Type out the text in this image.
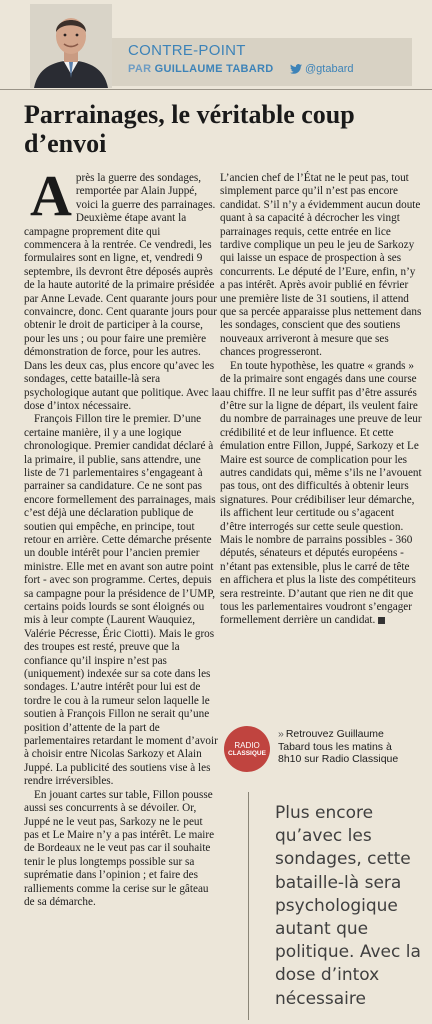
CONTRE-POINT
PAR GUILLAUME TABARD	@gtabard
Parrainages, le véritable coup d’envoi

Après la guerre des sondages, remportée par Alain Juppé, voici la guerre des parrainages. Deuxième étape avant la campagne proprement dite qui commencera à la rentrée. Ce vendredi, les formulaires sont en ligne, et, vendredi 9 septembre, ils devront être déposés auprès de la haute autorité de la primaire présidée par Anne Levade. Cent quarante jours pour convaincre, donc. Cent quarante jours pour obtenir le droit de participer à la course, pour les uns ; ou pour faire une première démonstration de force, pour les autres. Dans les deux cas, plus encore qu’avec les sondages, cette bataille-là sera psychologique autant que politique. Avec la dose d’intox nécessaire.

François Fillon tire le premier. D’une certaine manière, il y a une logique chronologique. Premier candidat déclaré à la primaire, il publie, sans attendre, une liste de 71 parlementaires s’engageant à parrainer sa candidature. Ce ne sont pas encore formellement des parrainages, mais c’est déjà une déclaration publique de soutien qui empêche, en principe, tout retour en arrière. Cette démarche présente un double intérêt pour l’ancien premier ministre. Elle met en avant son autre point fort - avec son programme. Certes, depuis sa campagne pour la présidence de l’UMP, certains poids lourds se sont éloignés ou mis à leur compte (Laurent Wauquiez, Valérie Pécresse, Éric Ciotti). Mais le gros des troupes est resté, preuve que la confiance qu’il inspire n’est pas (uniquement) indexée sur sa cote dans les sondages. L’autre intérêt pour lui est de tordre le cou à la rumeur selon laquelle le soutien à François Fillon ne serait qu’une position d’attente de la part de parlementaires retardant le moment d’avoir à choisir entre Nicolas Sarkozy et Alain Juppé. La publicité des soutiens vise à les rendre irréversibles.

En jouant cartes sur table, Fillon pousse aussi ses concurrents à se dévoiler. Or, Juppé ne le veut pas, Sarkozy ne le peut pas et Le Maire n’y a pas intérêt. Le maire de Bordeaux ne le veut pas car il souhaite tenir le plus longtemps possible sur sa suprématie dans l’opinion ; et faire des ralliements comme la cerise sur le gâteau de sa démarche.

L’ancien chef de l’État ne le peut pas, tout simplement parce qu’il n’est pas encore candidat. S’il n’y a évidemment aucun doute quant à sa capacité à décrocher les vingt parrainages requis, cette entrée en lice tardive complique un peu le jeu de Sarkozy qui laisse un espace de prospection à ses concurrents. Le député de l’Eure, enfin, n’y a pas intérêt. Après avoir publié en février une première liste de 31 soutiens, il attend que sa percée apparaisse plus nettement dans les sondages, conscient que des soutiens nouveaux arriveront à mesure que ses chances progresseront.

En toute hypothèse, les quatre « grands » de la primaire sont engagés dans une course au chiffre. Il ne leur suffit pas d’être assurés d’être sur la ligne de départ, ils veulent faire du nombre de parrainages une preuve de leur crédibilité et de leur influence. Et cette émulation entre Fillon, Juppé, Sarkozy et Le Maire est source de complication pour les autres candidats qui, même s’ils ne l’avouent pas tous, ont des difficultés à obtenir leurs signatures. Pour crédibiliser leur démarche, ils affichent leur certitude ou s’agacent d’être interrogés sur cette seule question. Mais le nombre de parrains possibles - 360 députés, sénateurs et députés européens - n’étant pas extensible, plus le carré de tête en affichera et plus la liste des compétiteurs sera restreinte. D’autant que rien ne dit que tous les parlementaires voudront s’engager formellement derrière un candidat.

RADIO
CLASSIQUE
» Retrouvez Guillaume Tabard tous les matins à 8h10 sur Radio Classique
Plus encore qu’avec les sondages, cette bataille-là sera psychologique autant que politique. Avec la dose d’intox nécessaire
